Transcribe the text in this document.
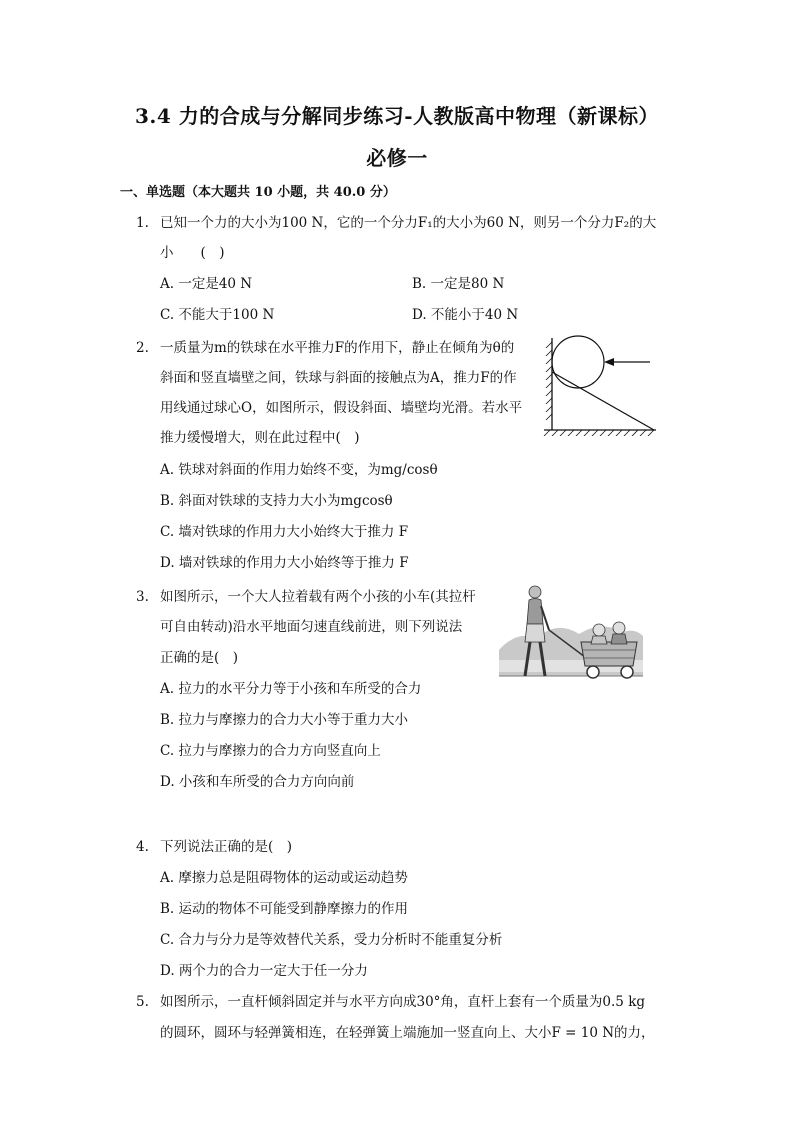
3.4 力的合成与分解同步练习-人教版高中物理（新课标）
必修一
一、单选题（本大题共 10 小题，共 40.0 分）
1. 已知一个力的大小为100 N，它的一个分力F₁的大小为60 N，则另一个分力F₂的大
小　　(　)
A. 一定是40 N	B. 一定是80 N
C. 不能大于100 N	D. 不能小于40 N
2. 一质量为m的铁球在水平推力F的作用下，静止在倾角为θ的
斜面和竖直墙壁之间，铁球与斜面的接触点为A，推力F的作
用线通过球心O，如图所示，假设斜面、墙壁均光滑。若水平
推力缓慢增大，则在此过程中(　)
A. 铁球对斜面的作用力始终不变，为mg/cosθ
B. 斜面对铁球的支持力大小为mgcosθ
C. 墙对铁球的作用力大小始终大于推力 F
D. 墙对铁球的作用力大小始终等于推力 F
3. 如图所示，一个大人拉着载有两个小孩的小车(其拉杆
可自由转动)沿水平地面匀速直线前进，则下列说法
正确的是(　)
A. 拉力的水平分力等于小孩和车所受的合力
B. 拉力与摩擦力的合力大小等于重力大小
C. 拉力与摩擦力的合力方向竖直向上
D. 小孩和车所受的合力方向向前
4. 下列说法正确的是(　)
A. 摩擦力总是阻碍物体的运动或运动趋势
B. 运动的物体不可能受到静摩擦力的作用
C. 合力与分力是等效替代关系，受力分析时不能重复分析
D. 两个力的合力一定大于任一分力
5. 如图所示，一直杆倾斜固定并与水平方向成30°角，直杆上套有一个质量为0.5 kg
的圆环，圆环与轻弹簧相连，在轻弹簧上端施加一竖直向上、大小F = 10 N的力，
